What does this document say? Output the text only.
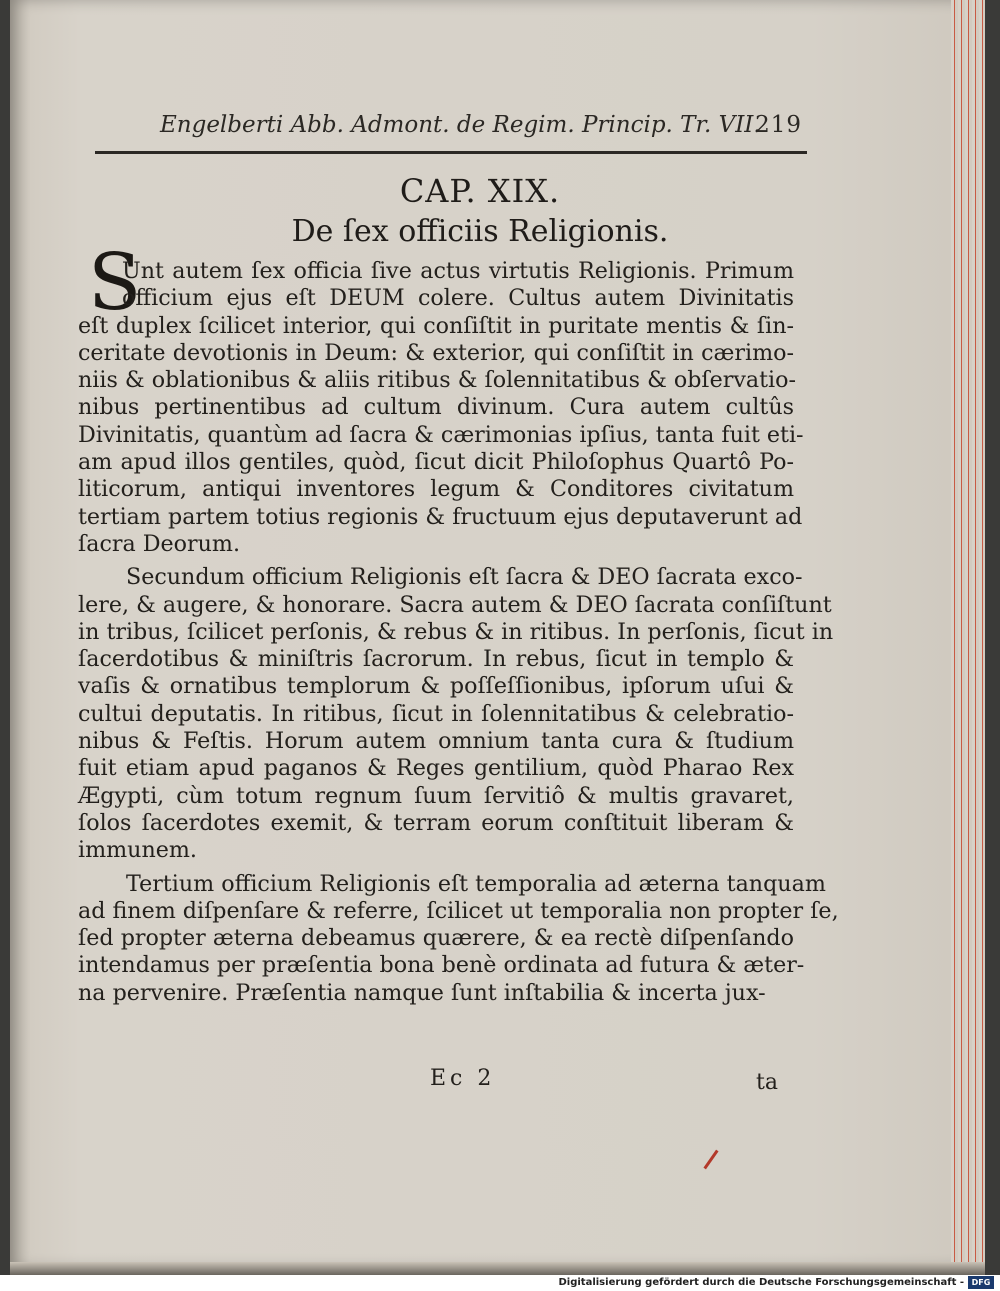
Engelberti Abb. Admont. de Regim. Princip. Tr. VII.
219
CAP. XIX.
De ſex officiis Religionis.
S
Unt autem ſex officia ſive actus virtutis Religionis. Primum
officium ejus eſt DEUM colere. Cultus autem Divinitatis
eſt duplex ſcilicet interior, qui conſiſtit in puritate mentis & ſin-
ceritate devotionis in Deum: & exterior, qui conſiſtit in cærimo-
niis & oblationibus & aliis ritibus & ſolennitatibus & obſervatio-
nibus pertinentibus ad cultum divinum. Cura autem cultûs
Divinitatis, quantùm ad ſacra & cærimonias ipſius, tanta fuit eti-
am apud illos gentiles, quòd, ſicut dicit Philoſophus Quartô Po-
liticorum, antiqui inventores legum & Conditores civitatum
tertiam partem totius regionis & fructuum ejus deputaverunt ad
ſacra Deorum.
Secundum officium Religionis eſt ſacra & DEO ſacrata exco-
lere, & augere, & honorare. Sacra autem & DEO ſacrata conſiſtunt
in tribus, ſcilicet perſonis, & rebus & in ritibus. In perſonis, ſicut in
ſacerdotibus & miniſtris ſacrorum. In rebus, ſicut in templo &
vaſis & ornatibus templorum & poſſeſſionibus, ipſorum uſui &
cultui deputatis. In ritibus, ſicut in ſolennitatibus & celebratio-
nibus & Feſtis. Horum autem omnium tanta cura & ſtudium
fuit etiam apud paganos & Reges gentilium, quòd Pharao Rex
Ægypti, cùm totum regnum ſuum ſervitiô & multis gravaret,
ſolos ſacerdotes exemit, & terram eorum conſtituit liberam &
immunem.
Tertium officium Religionis eſt temporalia ad æterna tanquam
ad finem diſpenſare & referre, ſcilicet ut temporalia non propter ſe,
ſed propter æterna debeamus quærere, & ea rectè diſpenſando
intendamus per præſentia bona benè ordinata ad futura & æter-
na pervenire. Præſentia namque ſunt inſtabilia & incerta jux-
Ec 2	ta
Digitalisierung gefördert durch die Deutsche Forschungsgemeinschaft - DFG
